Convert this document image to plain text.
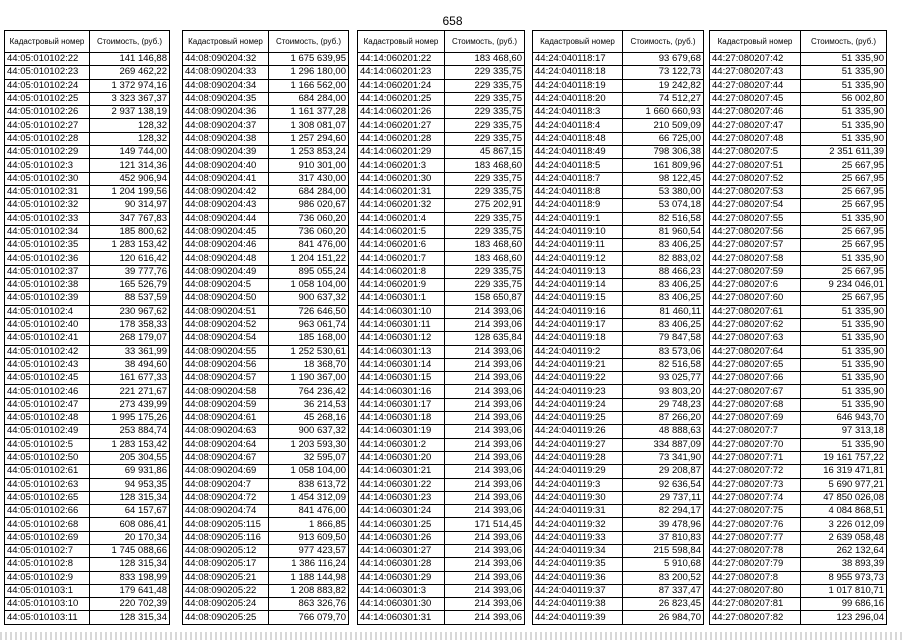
658
Кадастровый номер	Стоимость, (руб.)
44:05:010102:22	141 146,88
44:05:010102:23	269 462,22
44:05:010102:24	1 372 974,16
44:05:010102:25	3 323 367,37
44:05:010102:26	2 937 138,19
44:05:010102:27	128,32
44:05:010102:28	128,32
44:05:010102:29	149 744,00
44:05:010102:3	121 314,36
44:05:010102:30	452 906,94
44:05:010102:31	1 204 199,56
44:05:010102:32	90 314,97
44:05:010102:33	347 767,83
44:05:010102:34	185 800,62
44:05:010102:35	1 283 153,42
44:05:010102:36	120 616,42
44:05:010102:37	39 777,76
44:05:010102:38	165 526,79
44:05:010102:39	88 537,59
44:05:010102:4	230 967,62
44:05:010102:40	178 358,33
44:05:010102:41	268 179,07
44:05:010102:42	33 361,99
44:05:010102:43	38 494,60
44:05:010102:45	161 677,33
44:05:010102:46	221 271,67
44:05:010102:47	273 439,99
44:05:010102:48	1 995 175,26
44:05:010102:49	253 884,74
44:05:010102:5	1 283 153,42
44:05:010102:50	205 304,55
44:05:010102:61	69 931,86
44:05:010102:63	94 953,35
44:05:010102:65	128 315,34
44:05:010102:66	64 157,67
44:05:010102:68	608 086,41
44:05:010102:69	20 170,34
44:05:010102:7	1 745 088,66
44:05:010102:8	128 315,34
44:05:010102:9	833 198,99
44:05:010103:1	179 641,48
44:05:010103:10	220 702,39
44:05:010103:11	128 315,34
Кадастровый номер	Стоимость, (руб.)
44:08:090204:32	1 675 639,95
44:08:090204:33	1 296 180,00
44:08:090204:34	1 166 562,00
44:08:090204:35	684 284,00
44:08:090204:36	1 161 377,28
44:08:090204:37	1 308 081,07
44:08:090204:38	1 257 294,60
44:08:090204:39	1 253 853,24
44:08:090204:40	910 301,00
44:08:090204:41	317 430,00
44:08:090204:42	684 284,00
44:08:090204:43	986 020,67
44:08:090204:44	736 060,20
44:08:090204:45	736 060,20
44:08:090204:46	841 476,00
44:08:090204:48	1 204 151,22
44:08:090204:49	895 055,24
44:08:090204:5	1 058 104,00
44:08:090204:50	900 637,32
44:08:090204:51	726 646,50
44:08:090204:52	963 061,74
44:08:090204:54	185 168,00
44:08:090204:55	1 252 530,61
44:08:090204:56	18 368,70
44:08:090204:57	1 190 367,00
44:08:090204:58	764 236,42
44:08:090204:59	36 214,53
44:08:090204:61	45 268,16
44:08:090204:63	900 637,32
44:08:090204:64	1 203 593,30
44:08:090204:67	32 595,07
44:08:090204:69	1 058 104,00
44:08:090204:7	838 613,72
44:08:090204:72	1 454 312,09
44:08:090204:74	841 476,00
44:08:090205:115	1 866,85
44:08:090205:116	913 609,50
44:08:090205:12	977 423,57
44:08:090205:17	1 386 116,24
44:08:090205:21	1 188 144,98
44:08:090205:22	1 208 883,82
44:08:090205:24	863 326,76
44:08:090205:25	766 079,70
Кадастровый номер	Стоимость, (руб.)
44:14:060201:22	183 468,60
44:14:060201:23	229 335,75
44:14:060201:24	229 335,75
44:14:060201:25	229 335,75
44:14:060201:26	229 335,75
44:14:060201:27	229 335,75
44:14:060201:28	229 335,75
44:14:060201:29	45 867,15
44:14:060201:3	183 468,60
44:14:060201:30	229 335,75
44:14:060201:31	229 335,75
44:14:060201:32	275 202,91
44:14:060201:4	229 335,75
44:14:060201:5	229 335,75
44:14:060201:6	183 468,60
44:14:060201:7	183 468,60
44:14:060201:8	229 335,75
44:14:060201:9	229 335,75
44:14:060301:1	158 650,87
44:14:060301:10	214 393,06
44:14:060301:11	214 393,06
44:14:060301:12	128 635,84
44:14:060301:13	214 393,06
44:14:060301:14	214 393,06
44:14:060301:15	214 393,06
44:14:060301:16	214 393,06
44:14:060301:17	214 393,06
44:14:060301:18	214 393,06
44:14:060301:19	214 393,06
44:14:060301:2	214 393,06
44:14:060301:20	214 393,06
44:14:060301:21	214 393,06
44:14:060301:22	214 393,06
44:14:060301:23	214 393,06
44:14:060301:24	214 393,06
44:14:060301:25	171 514,45
44:14:060301:26	214 393,06
44:14:060301:27	214 393,06
44:14:060301:28	214 393,06
44:14:060301:29	214 393,06
44:14:060301:3	214 393,06
44:14:060301:30	214 393,06
44:14:060301:31	214 393,06
Кадастровый номер	Стоимость, (руб.)
44:24:040118:17	93 679,68
44:24:040118:18	73 122,73
44:24:040118:19	19 242,82
44:24:040118:20	74 512,27
44:24:040118:3	1 660 660,93
44:24:040118:4	210 509,09
44:24:040118:48	66 725,00
44:24:040118:49	798 306,38
44:24:040118:5	161 809,96
44:24:040118:7	98 122,45
44:24:040118:8	53 380,00
44:24:040118:9	53 074,18
44:24:040119:1	82 516,58
44:24:040119:10	81 960,54
44:24:040119:11	83 406,25
44:24:040119:12	82 883,02
44:24:040119:13	88 466,23
44:24:040119:14	83 406,25
44:24:040119:15	83 406,25
44:24:040119:16	81 460,11
44:24:040119:17	83 406,25
44:24:040119:18	79 847,58
44:24:040119:2	83 573,06
44:24:040119:21	82 516,58
44:24:040119:22	93 025,77
44:24:040119:23	93 803,20
44:24:040119:24	29 748,23
44:24:040119:25	87 266,20
44:24:040119:26	48 888,63
44:24:040119:27	334 887,09
44:24:040119:28	73 341,90
44:24:040119:29	29 208,87
44:24:040119:3	92 636,54
44:24:040119:30	29 737,11
44:24:040119:31	82 294,17
44:24:040119:32	39 478,96
44:24:040119:33	37 810,83
44:24:040119:34	215 598,84
44:24:040119:35	5 910,68
44:24:040119:36	83 200,52
44:24:040119:37	87 337,47
44:24:040119:38	26 823,45
44:24:040119:39	26 984,70
Кадастровый номер	Стоимость, (руб.)
44:27:080207:42	51 335,90
44:27:080207:43	51 335,90
44:27:080207:44	51 335,90
44:27:080207:45	56 002,80
44:27:080207:46	51 335,90
44:27:080207:47	51 335,90
44:27:080207:48	51 335,90
44:27:080207:5	2 351 611,39
44:27:080207:51	25 667,95
44:27:080207:52	25 667,95
44:27:080207:53	25 667,95
44:27:080207:54	25 667,95
44:27:080207:55	51 335,90
44:27:080207:56	25 667,95
44:27:080207:57	25 667,95
44:27:080207:58	51 335,90
44:27:080207:59	25 667,95
44:27:080207:6	9 234 046,01
44:27:080207:60	25 667,95
44:27:080207:61	51 335,90
44:27:080207:62	51 335,90
44:27:080207:63	51 335,90
44:27:080207:64	51 335,90
44:27:080207:65	51 335,90
44:27:080207:66	51 335,90
44:27:080207:67	51 335,90
44:27:080207:68	51 335,90
44:27:080207:69	646 943,70
44:27:080207:7	97 313,18
44:27:080207:70	51 335,90
44:27:080207:71	19 161 757,22
44:27:080207:72	16 319 471,81
44:27:080207:73	5 690 977,21
44:27:080207:74	47 850 026,08
44:27:080207:75	4 084 868,51
44:27:080207:76	3 226 012,09
44:27:080207:77	2 639 058,48
44:27:080207:78	262 132,64
44:27:080207:79	38 893,39
44:27:080207:8	8 955 973,73
44:27:080207:80	1 017 810,71
44:27:080207:81	99 686,16
44:27:080207:82	123 296,04
